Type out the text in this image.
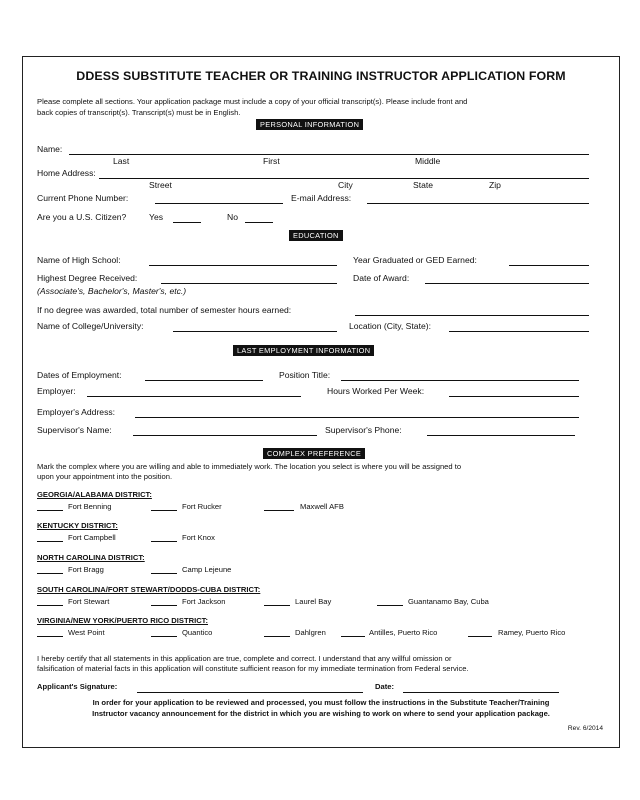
DDESS SUBSTITUTE TEACHER OR TRAINING INSTRUCTOR APPLICATION FORM
Please complete all sections. Your application package must include a copy of your official transcript(s). Please include front and
back copies of transcript(s). Transcript(s) must be in English.
PERSONAL INFORMATION
Name:
Last	First	Middle
Home Address:
Street	City	State	Zip
Current Phone Number:	E-mail Address:
Are you a U.S. Citizen?	Yes	No
EDUCATION
Name of High School:	Year Graduated or GED Earned:
Highest Degree Received:	Date of Award:
(Associate's, Bachelor's, Master's, etc.)
If no degree was awarded, total number of semester hours earned:
Name of College/University:	Location (City, State):
LAST EMPLOYMENT INFORMATION
Dates of Employment:	Position Title:
Employer:	Hours Worked Per Week:
Employer's Address:
Supervisor's Name:	Supervisor's Phone:
COMPLEX PREFERENCE
Mark the complex where you are willing and able to immediately work. The location you select is where you will be assigned to
upon your appointment into the position.
GEORGIA/ALABAMA DISTRICT:
Fort Benning	Fort Rucker	Maxwell AFB
KENTUCKY DISTRICT:
Fort Campbell	Fort Knox
NORTH CAROLINA DISTRICT:
Fort Bragg	Camp Lejeune
SOUTH CAROLINA/FORT STEWART/DODDS-CUBA DISTRICT:
Fort Stewart	Fort Jackson	Laurel Bay	Guantanamo Bay, Cuba
VIRGINIA/NEW YORK/PUERTO RICO DISTRICT:
West Point	Quantico	Dahlgren	Antilles, Puerto Rico	Ramey, Puerto Rico
I hereby certify that all statements in this application are true, complete and correct. I understand that any willful omission or
falsification of material facts in this application will constitute sufficient reason for my immediate termination from Federal service.
Applicant's Signature:	Date:
In order for your application to be reviewed and processed, you must follow the instructions in the Substitute Teacher/Training
Instructor vacancy announcement for the district in which you are wishing to work on where to send your application package.
Rev. 6/2014
